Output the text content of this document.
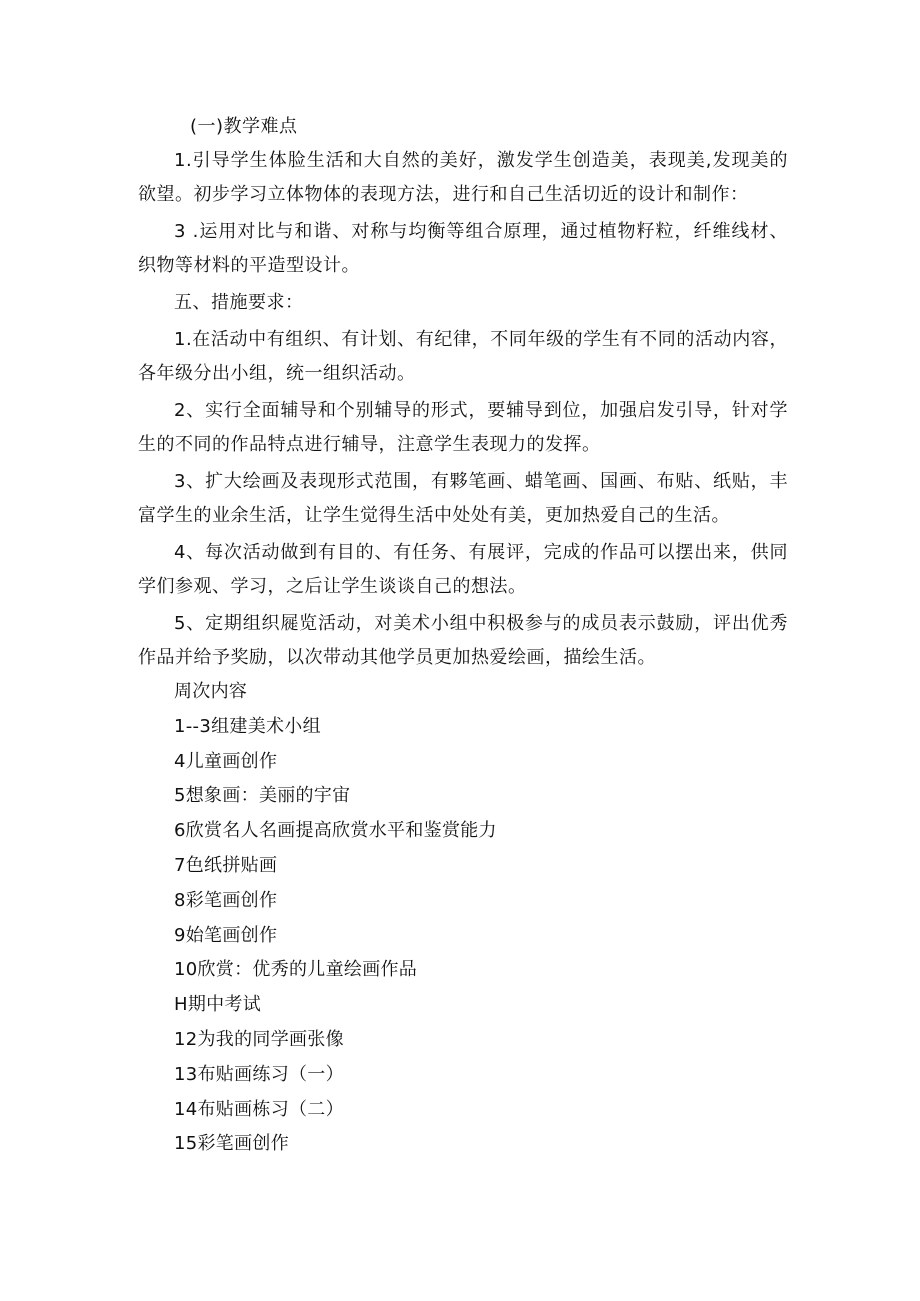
(一)教学难点

1.引导学生体脸生活和大自然的美好，激发学生创造美，表现美,发现美的欲望。初步学习立体物体的表现方法，进行和自己生活切近的设计和制作：

3 .运用对比与和谐、对称与均衡等组合原理，通过植物籽粒，纤维线材、织物等材料的平造型设计。

五、措施要求：

1.在活动中有组织、有计划、有纪律，不同年级的学生有不同的活动内容，各年级分出小组，统一组织活动。

2、实行全面辅导和个别辅导的形式，要辅导到位，加强启发引导，针对学生的不同的作品特点进行辅导，注意学生表现力的发挥。

3、扩大绘画及表现形式范围，有夥笔画、蜡笔画、国画、布贴、纸贴，丰富学生的业余生活，让学生觉得生活中处处有美，更加热爱自己的生活。

4、每次活动做到有目的、有任务、有展评，完成的作品可以摆出来，供同学们参观、学习，之后让学生谈谈自己的想法。

5、定期组织屣览活动，对美术小组中积极参与的成员表示鼓励，评出优秀作品并给予奖励，以次带动其他学员更加热爱绘画，描绘生活。

周次内容
1--3组建美术小组
4儿童画创作
5想象画：美丽的宇宙
6欣赏名人名画提高欣赏水平和鉴赏能力
7色纸拼贴画
8彩笔画创作
9始笔画创作
10欣赏：优秀的儿童绘画作品
H期中考试
12为我的同学画张像
13布贴画练习（一）
14布贴画栋习（二）
15彩笔画创作
